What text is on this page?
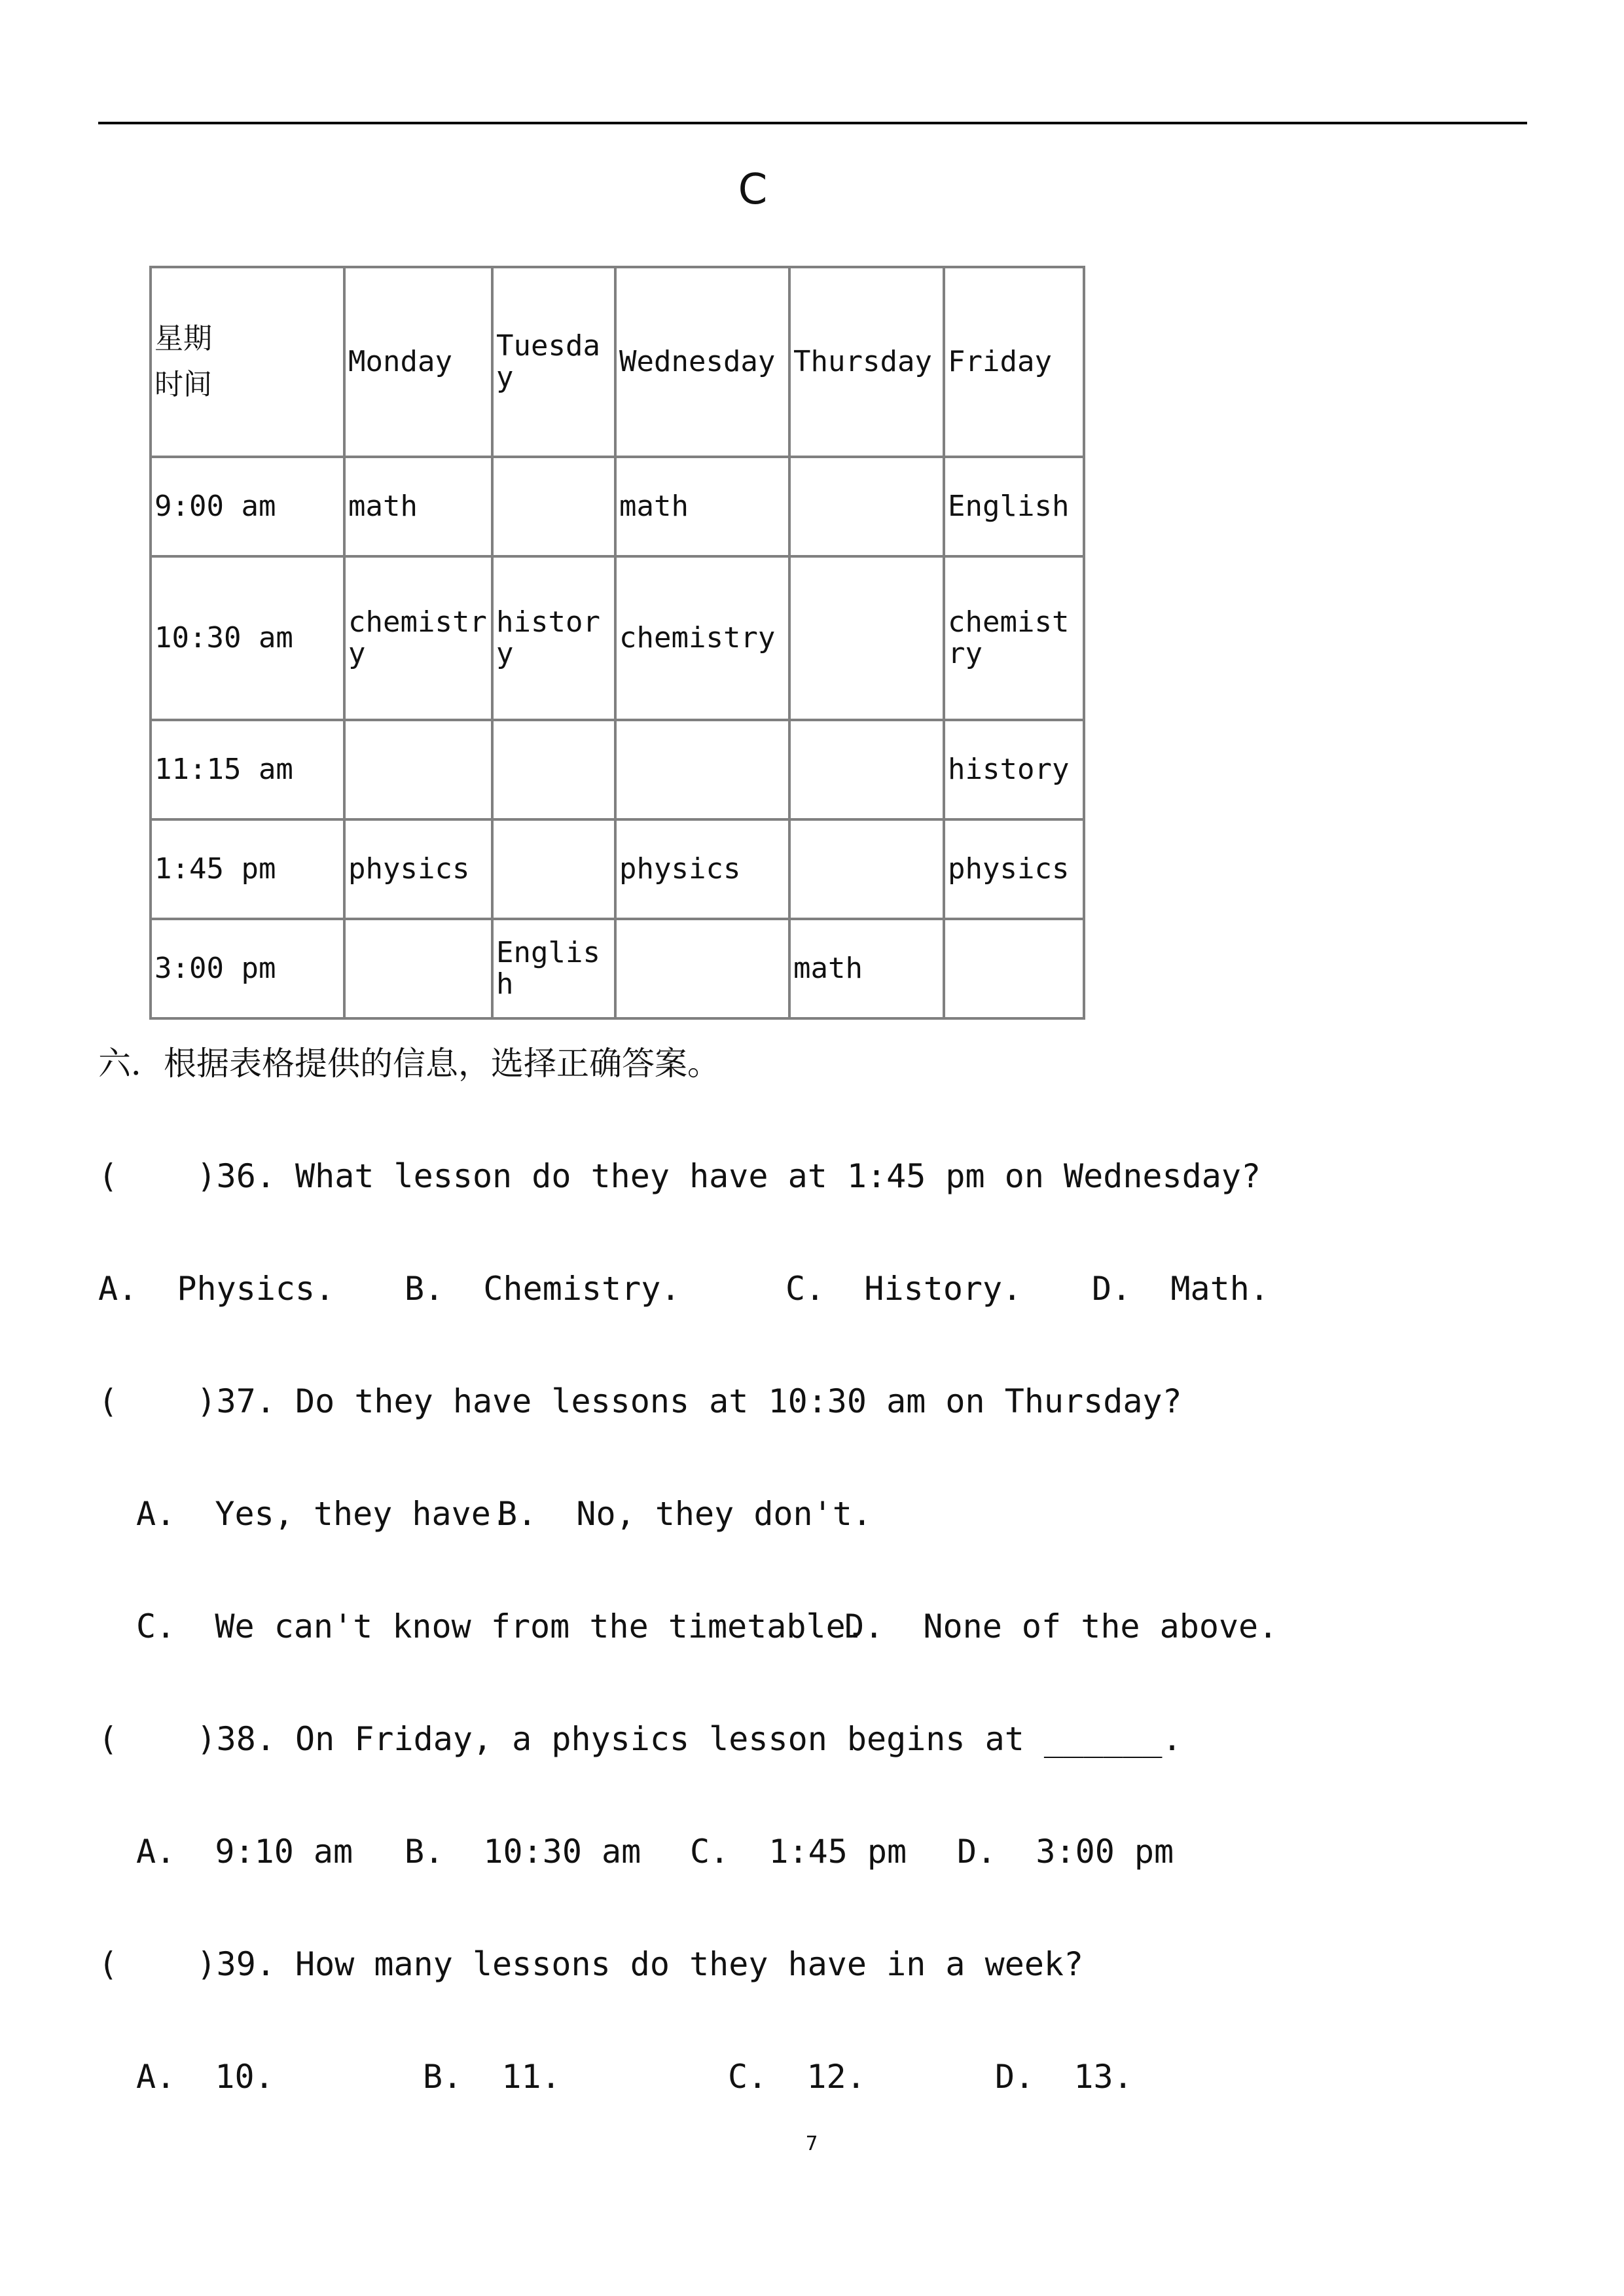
C
星期
时间	Monday	Tuesday	Wednesday	Thursday	Friday
9:00 am	math		math		English
10:30 am	chemistry	history	chemistry		chemistry
11:15 am					history
1:45 pm	physics		physics		physics
3:00 pm		English		math	
六．根据表格提供的信息，选择正确答案。
(    )36. What lesson do they have at 1:45 pm on Wednesday?
A.  Physics. B.  Chemistry.	C.  History. D.  Math.
(    )37. Do they have lessons at 10:30 am on Thursday?
A.  Yes, they have.
B.  No, they don't.
C.  We can't know from the timetable.
D.  None of the above.
(    )38. On Friday, a physics lesson begins at ______.
A.  9:10 am B.  10:30 am C.  1:45 pm D.  3:00 pm
(    )39. How many lessons do they have in a week?
A.  10.	B.  11.	C.  12.	D.  13.
7
